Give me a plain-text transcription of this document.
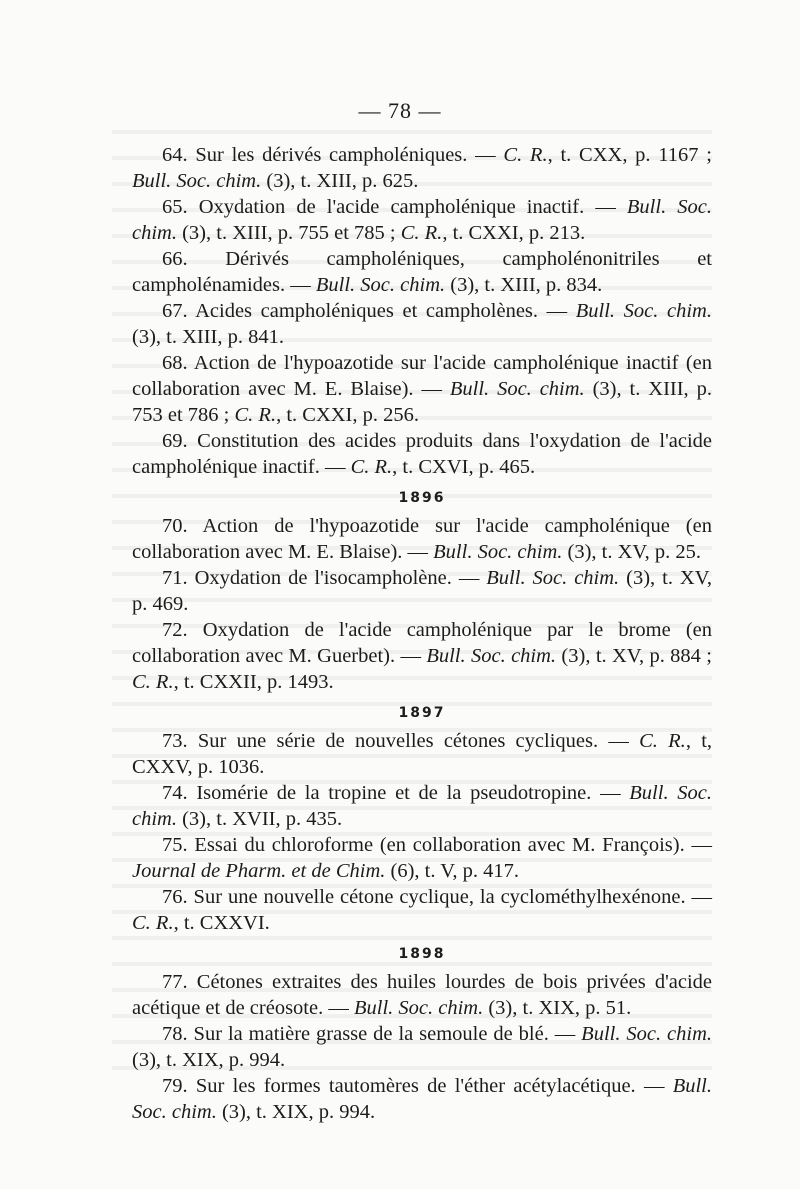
— 78 —

64. Sur les dérivés campholéniques. — C. R., t. CXX, p. 1167 ; Bull. Soc. chim. (3), t. XIII, p. 625.

65. Oxydation de l'acide campholénique inactif. — Bull. Soc. chim. (3), t. XIII, p. 755 et 785 ; C. R., t. CXXI, p. 213.

66. Dérivés campholéniques, campholénonitriles et campholénamides. — Bull. Soc. chim. (3), t. XIII, p. 834.

67. Acides campholéniques et campholènes. — Bull. Soc. chim. (3), t. XIII, p. 841.

68. Action de l'hypoazotide sur l'acide campholénique inactif (en collaboration avec M. E. Blaise). — Bull. Soc. chim. (3), t. XIII, p. 753 et 786 ; C. R., t. CXXI, p. 256.

69. Constitution des acides produits dans l'oxydation de l'acide campholénique inactif. — C. R., t. CXVI, p. 465.

1896

70. Action de l'hypoazotide sur l'acide campholénique (en collaboration avec M. E. Blaise). — Bull. Soc. chim. (3), t. XV, p. 25.

71. Oxydation de l'isocampholène. — Bull. Soc. chim. (3), t. XV, p. 469.

72. Oxydation de l'acide campholénique par le brome (en collaboration avec M. Guerbet). — Bull. Soc. chim. (3), t. XV, p. 884 ; C. R., t. CXXII, p. 1493.

1897

73. Sur une série de nouvelles cétones cycliques. — C. R., t, CXXV, p. 1036.

74. Isomérie de la tropine et de la pseudotropine. — Bull. Soc. chim. (3), t. XVII, p. 435.

75. Essai du chloroforme (en collaboration avec M. François). — Journal de Pharm. et de Chim. (6), t. V, p. 417.

76. Sur une nouvelle cétone cyclique, la cyclométhylhexénone. — C. R., t. CXXVI.

1898

77. Cétones extraites des huiles lourdes de bois privées d'acide acétique et de créosote. — Bull. Soc. chim. (3), t. XIX, p. 51.

78. Sur la matière grasse de la semoule de blé. — Bull. Soc. chim. (3), t. XIX, p. 994.

79. Sur les formes tautomères de l'éther acétylacétique. — Bull. Soc. chim. (3), t. XIX, p. 994.
